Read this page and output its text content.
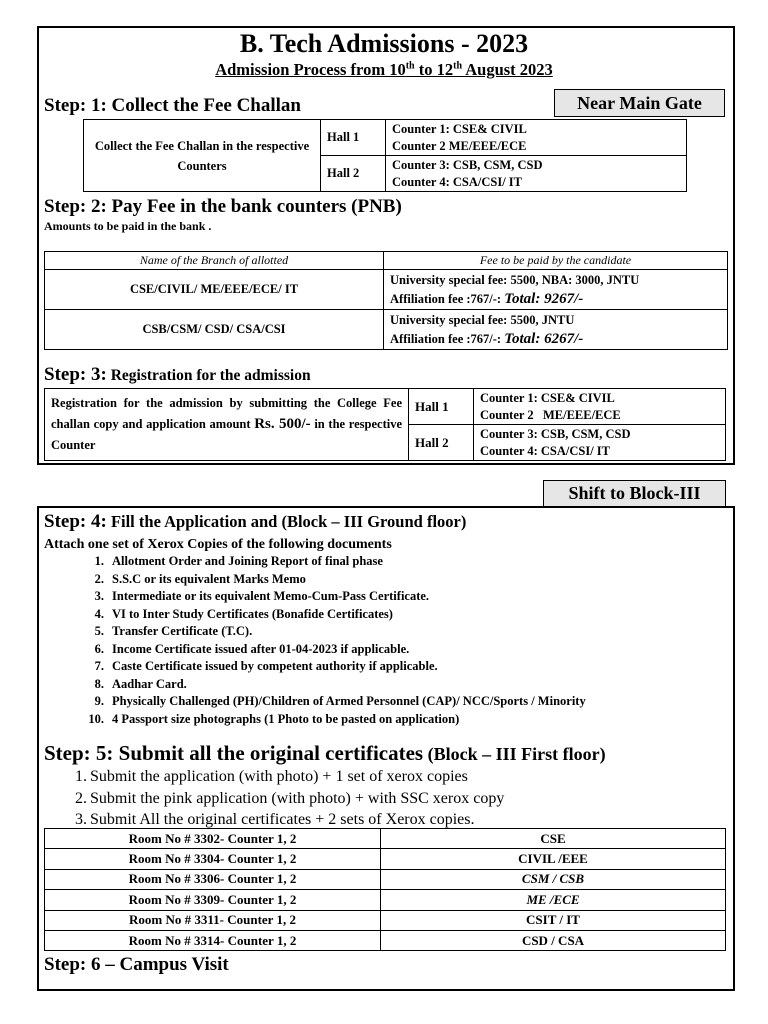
B. Tech Admissions - 2023
Admission Process from 10th to 12th August 2023
Step: 1: Collect the Fee Challan	Near Main Gate
Collect the Fee Challan in the respective Counters	Hall 1	Counter 1: CSE& CIVIL
Counter 2 ME/EEE/ECE

	Hall 2	Counter 3: CSB, CSM, CSD
Counter 4: CSA/CSI/ IT
Step: 2: Pay Fee in the bank counters (PNB)
Amounts to be paid in the bank .
Name of the Branch of allotted	Fee to be paid by the candidate
CSE/CIVIL/ ME/EEE/ECE/ IT	University special fee: 5500, NBA: 3000, JNTU
Affiliation fee :767/-: Total: 9267/-

CSB/CSM/ CSD/ CSA/CSI	University special fee: 5500, JNTU
Affiliation fee :767/-: Total: 6267/-
Step: 3: Registration for the admission
Registration for the admission by submitting the College Fee challan copy and application amount Rs. 500/- in the respective Counter	Hall 1	Counter 1: CSE& CIVIL
Counter 2   ME/EEE/ECE

	Hall 2	Counter 3: CSB, CSM, CSD
Counter 4: CSA/CSI/ IT
Shift to Block-III
Step: 4: Fill the Application and (Block – III Ground floor)
Attach one set of Xerox Copies of the following documents
1. Allotment Order and Joining Report of final phase
2. S.S.C or its equivalent Marks Memo
3. Intermediate or its equivalent Memo-Cum-Pass Certificate.
4. VI to Inter Study Certificates (Bonafide Certificates)
5. Transfer Certificate (T.C).
6. Income Certificate issued after 01-04-2023 if applicable.
7. Caste Certificate issued by competent authority if applicable.
8. Aadhar Card.
9. Physically Challenged (PH)/Children of Armed Personnel (CAP)/ NCC/Sports / Minority
10. 4 Passport size photographs (1 Photo to be pasted on application)
Step: 5: Submit all the original certificates (Block – III First floor)
1. Submit the application (with photo) + 1 set of xerox copies
2. Submit the pink application (with photo) + with SSC xerox copy
3. Submit All the original certificates + 2 sets of Xerox copies.
Room No # 3302- Counter 1, 2	CSE
Room No # 3304- Counter 1, 2	CIVIL /EEE
Room No # 3306- Counter 1, 2	CSM / CSB
Room No # 3309- Counter 1, 2	ME /ECE
Room No # 3311- Counter 1, 2	CSIT / IT
Room No # 3314- Counter 1, 2	CSD / CSA
Step: 6 – Campus Visit
